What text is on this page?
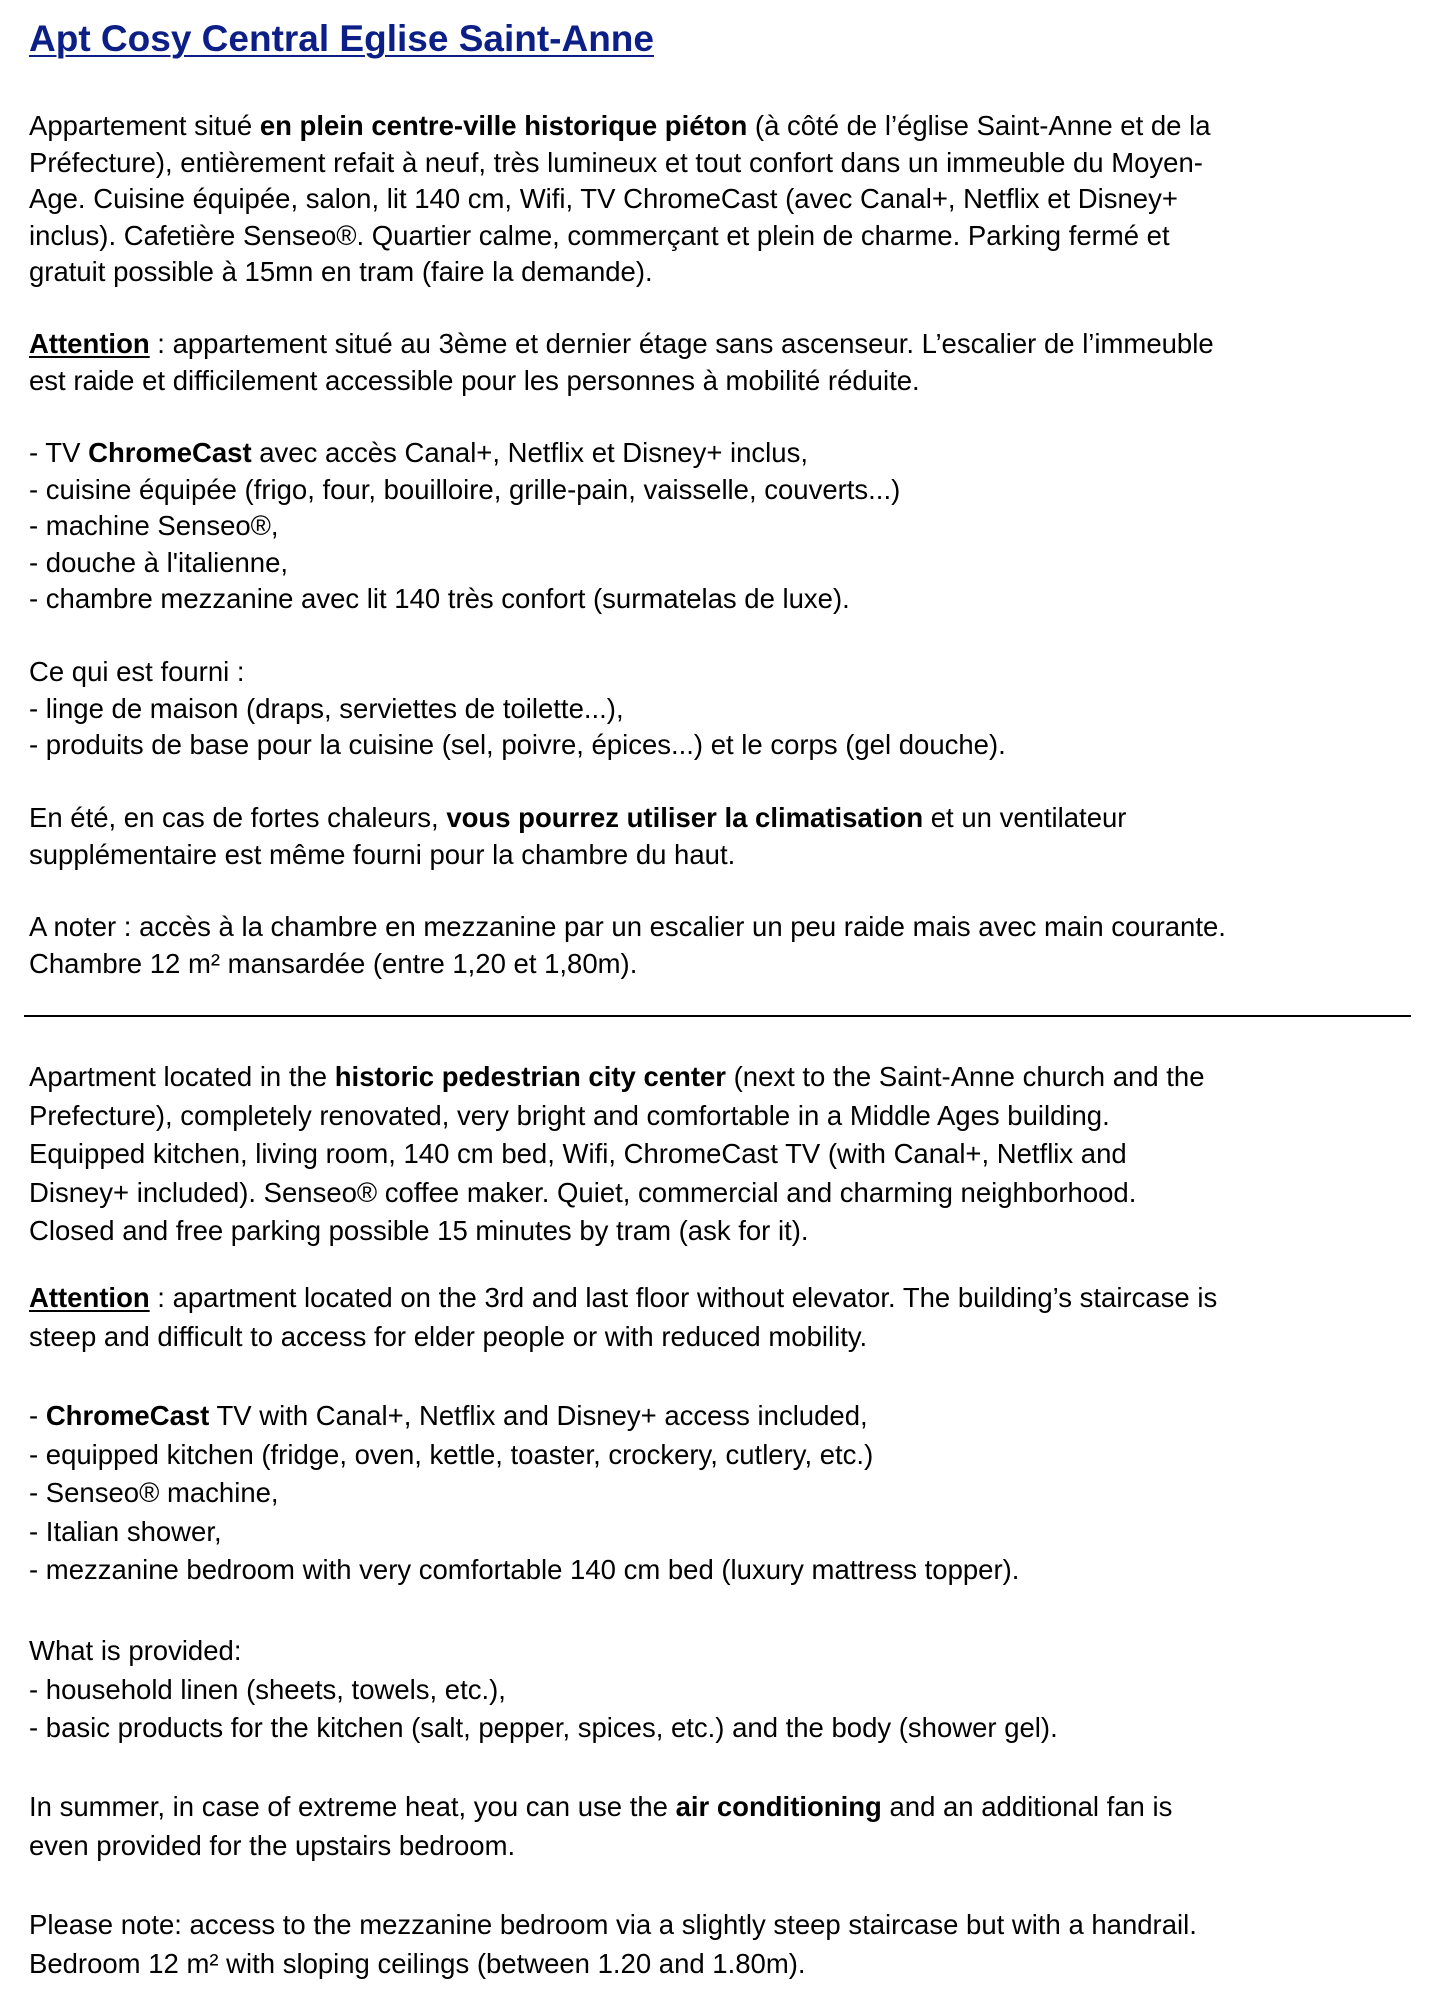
Apt Cosy Central Eglise Saint-Anne

Appartement situé en plein centre-ville historique piéton (à côté de l’église Saint-Anne et de la
Préfecture), entièrement refait à neuf, très lumineux et tout confort dans un immeuble du Moyen-
Age. Cuisine équipée, salon, lit 140 cm, Wifi, TV ChromeCast (avec Canal+, Netflix et Disney+
inclus). Cafetière Senseo®. Quartier calme, commerçant et plein de charme. Parking fermé et
gratuit possible à 15mn en tram (faire la demande).

Attention : appartement situé au 3ème et dernier étage sans ascenseur. L’escalier de l’immeuble
est raide et difficilement accessible pour les personnes à mobilité réduite.

- TV ChromeCast avec accès Canal+, Netflix et Disney+ inclus,
- cuisine équipée (frigo, four, bouilloire, grille-pain, vaisselle, couverts...)
- machine Senseo®,
- douche à l'italienne,
- chambre mezzanine avec lit 140 très confort (surmatelas de luxe).

Ce qui est fourni :
- linge de maison (draps, serviettes de toilette...),
- produits de base pour la cuisine (sel, poivre, épices...) et le corps (gel douche).

En été, en cas de fortes chaleurs, vous pourrez utiliser la climatisation et un ventilateur
supplémentaire est même fourni pour la chambre du haut.

A noter : accès à la chambre en mezzanine par un escalier un peu raide mais avec main courante.
Chambre 12 m² mansardée (entre 1,20 et 1,80m).

Apartment located in the historic pedestrian city center (next to the Saint-Anne church and the
Prefecture), completely renovated, very bright and comfortable in a Middle Ages building.
Equipped kitchen, living room, 140 cm bed, Wifi, ChromeCast TV (with Canal+, Netflix and
Disney+ included). Senseo® coffee maker. Quiet, commercial and charming neighborhood.
Closed and free parking possible 15 minutes by tram (ask for it).

Attention : apartment located on the 3rd and last floor without elevator. The building’s staircase is
steep and difficult to access for elder people or with reduced mobility.

- ChromeCast TV with Canal+, Netflix and Disney+ access included,
- equipped kitchen (fridge, oven, kettle, toaster, crockery, cutlery, etc.)
- Senseo® machine,
- Italian shower,
- mezzanine bedroom with very comfortable 140 cm bed (luxury mattress topper).

What is provided:
- household linen (sheets, towels, etc.),
- basic products for the kitchen (salt, pepper, spices, etc.) and the body (shower gel).

In summer, in case of extreme heat, you can use the air conditioning and an additional fan is
even provided for the upstairs bedroom.

Please note: access to the mezzanine bedroom via a slightly steep staircase but with a handrail.
Bedroom 12 m² with sloping ceilings (between 1.20 and 1.80m).
